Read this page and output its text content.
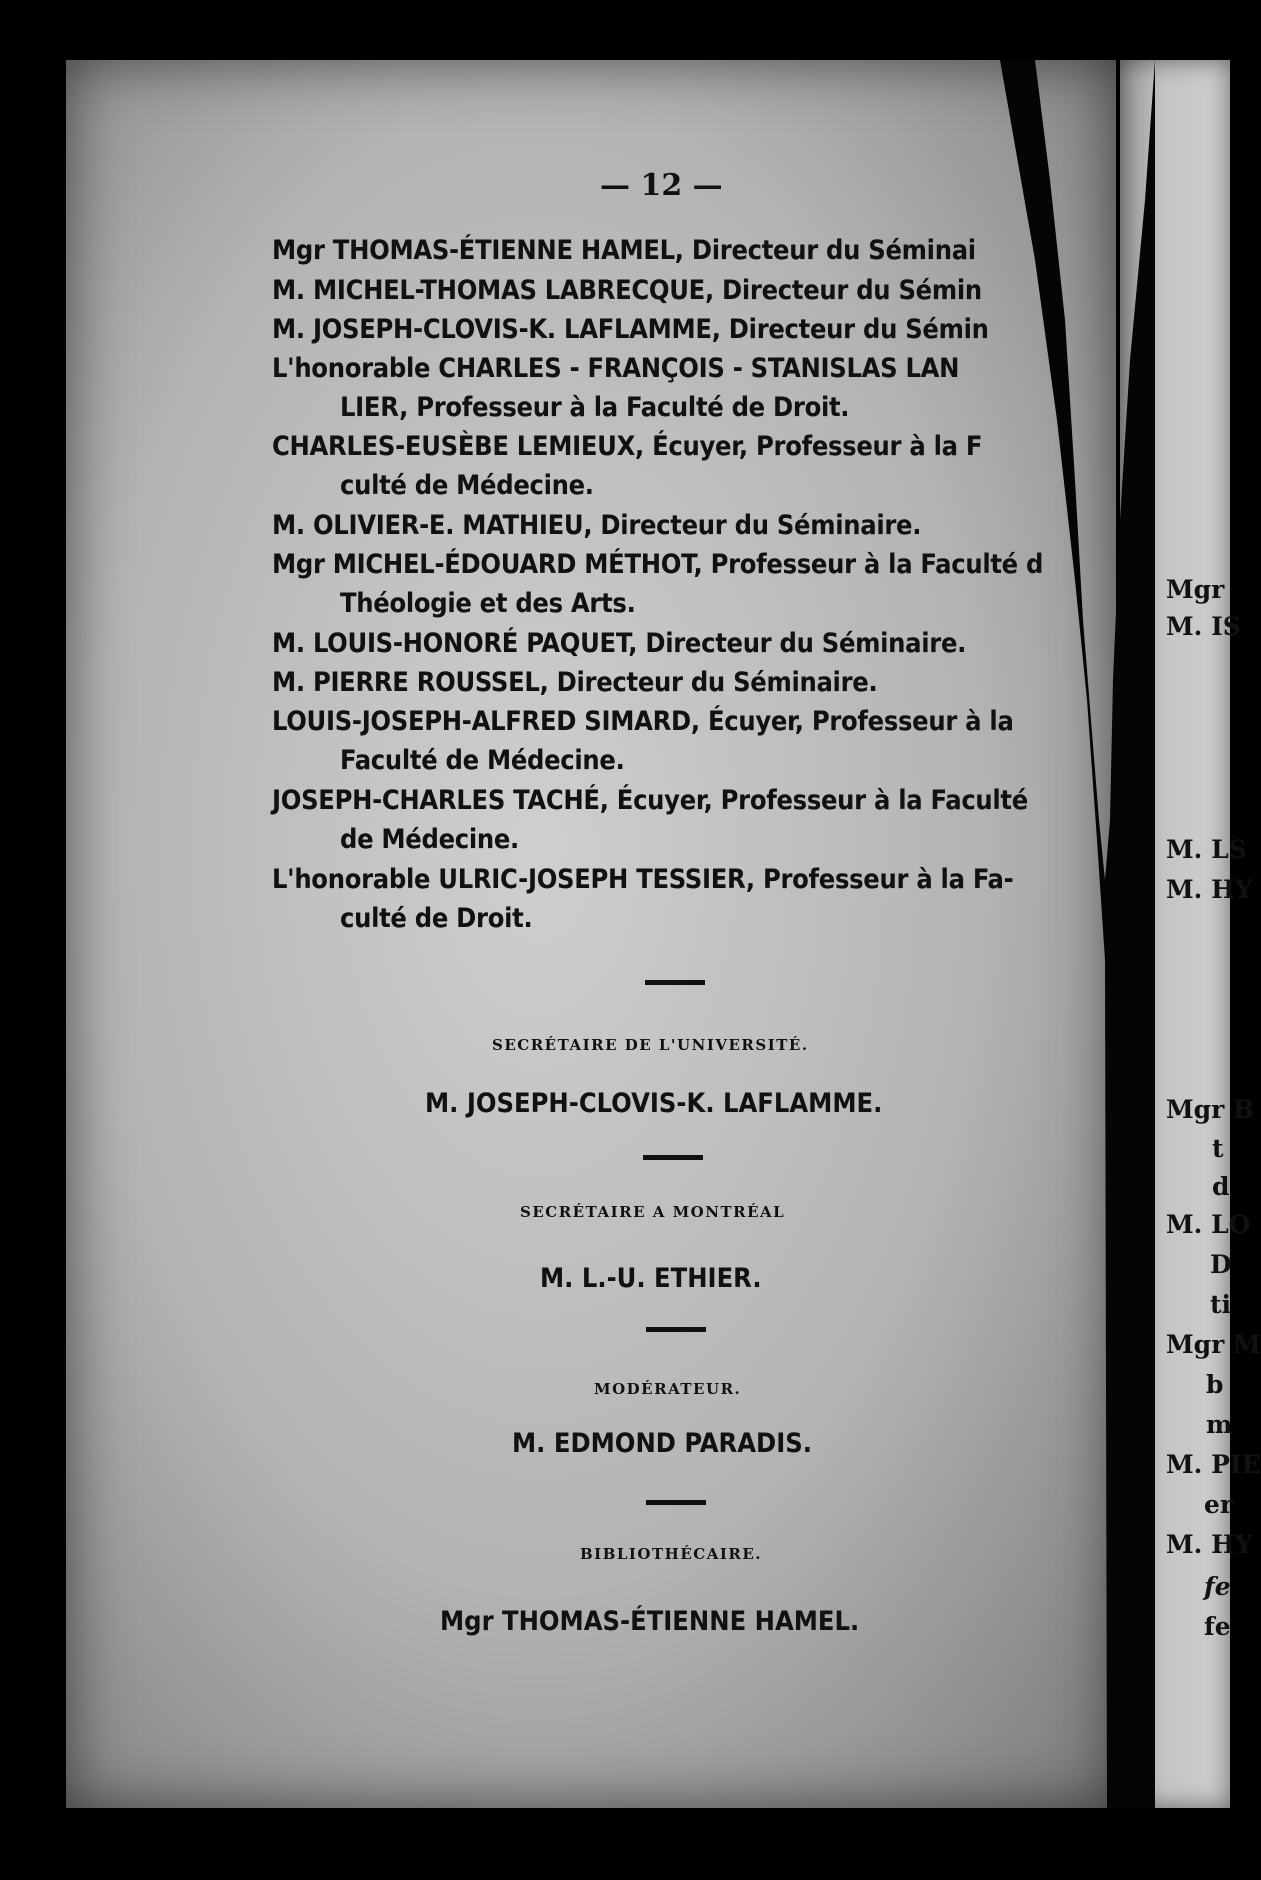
— 12 —
Mgr THOMAS-ÉTIENNE HAMEL, Directeur du Séminai
M. MICHEL-THOMAS LABRECQUE, Directeur du Sémin
M. JOSEPH-CLOVIS-K. LAFLAMME, Directeur du Sémin
L'honorable CHARLES - FRANÇOIS - STANISLAS LAN
LIER, Professeur à la Faculté de Droit.
CHARLES-EUSÈBE LEMIEUX, Écuyer, Professeur à la F
culté de Médecine.
M. OLIVIER-E. MATHIEU, Directeur du Séminaire.
Mgr MICHEL-ÉDOUARD MÉTHOT, Professeur à la Faculté d
Théologie et des Arts.
M. LOUIS-HONORÉ PAQUET, Directeur du Séminaire.
M. PIERRE ROUSSEL, Directeur du Séminaire.
LOUIS-JOSEPH-ALFRED SIMARD, Écuyer, Professeur à la
Faculté de Médecine.
JOSEPH-CHARLES TACHÉ, Écuyer, Professeur à la Faculté
de Médecine.
L'honorable ULRIC-JOSEPH TESSIER, Professeur à la Fa-
culté de Droit.
SECRÉTAIRE DE L'UNIVERSITÉ.
M. JOSEPH-CLOVIS-K. LAFLAMME.
SECRÉTAIRE A MONTRÉAL
M. L.-U. ETHIER.
MODÉRATEUR.
M. EDMOND PARADIS.
BIBLIOTHÉCAIRE.
Mgr THOMAS-ÉTIENNE HAMEL.
Mgr
M. IS
M. LS
M. HY
Mgr B
t
d
M. LO
D
ti
Mgr M
b
m
M. PIE
er
M. HY
fe
fe
